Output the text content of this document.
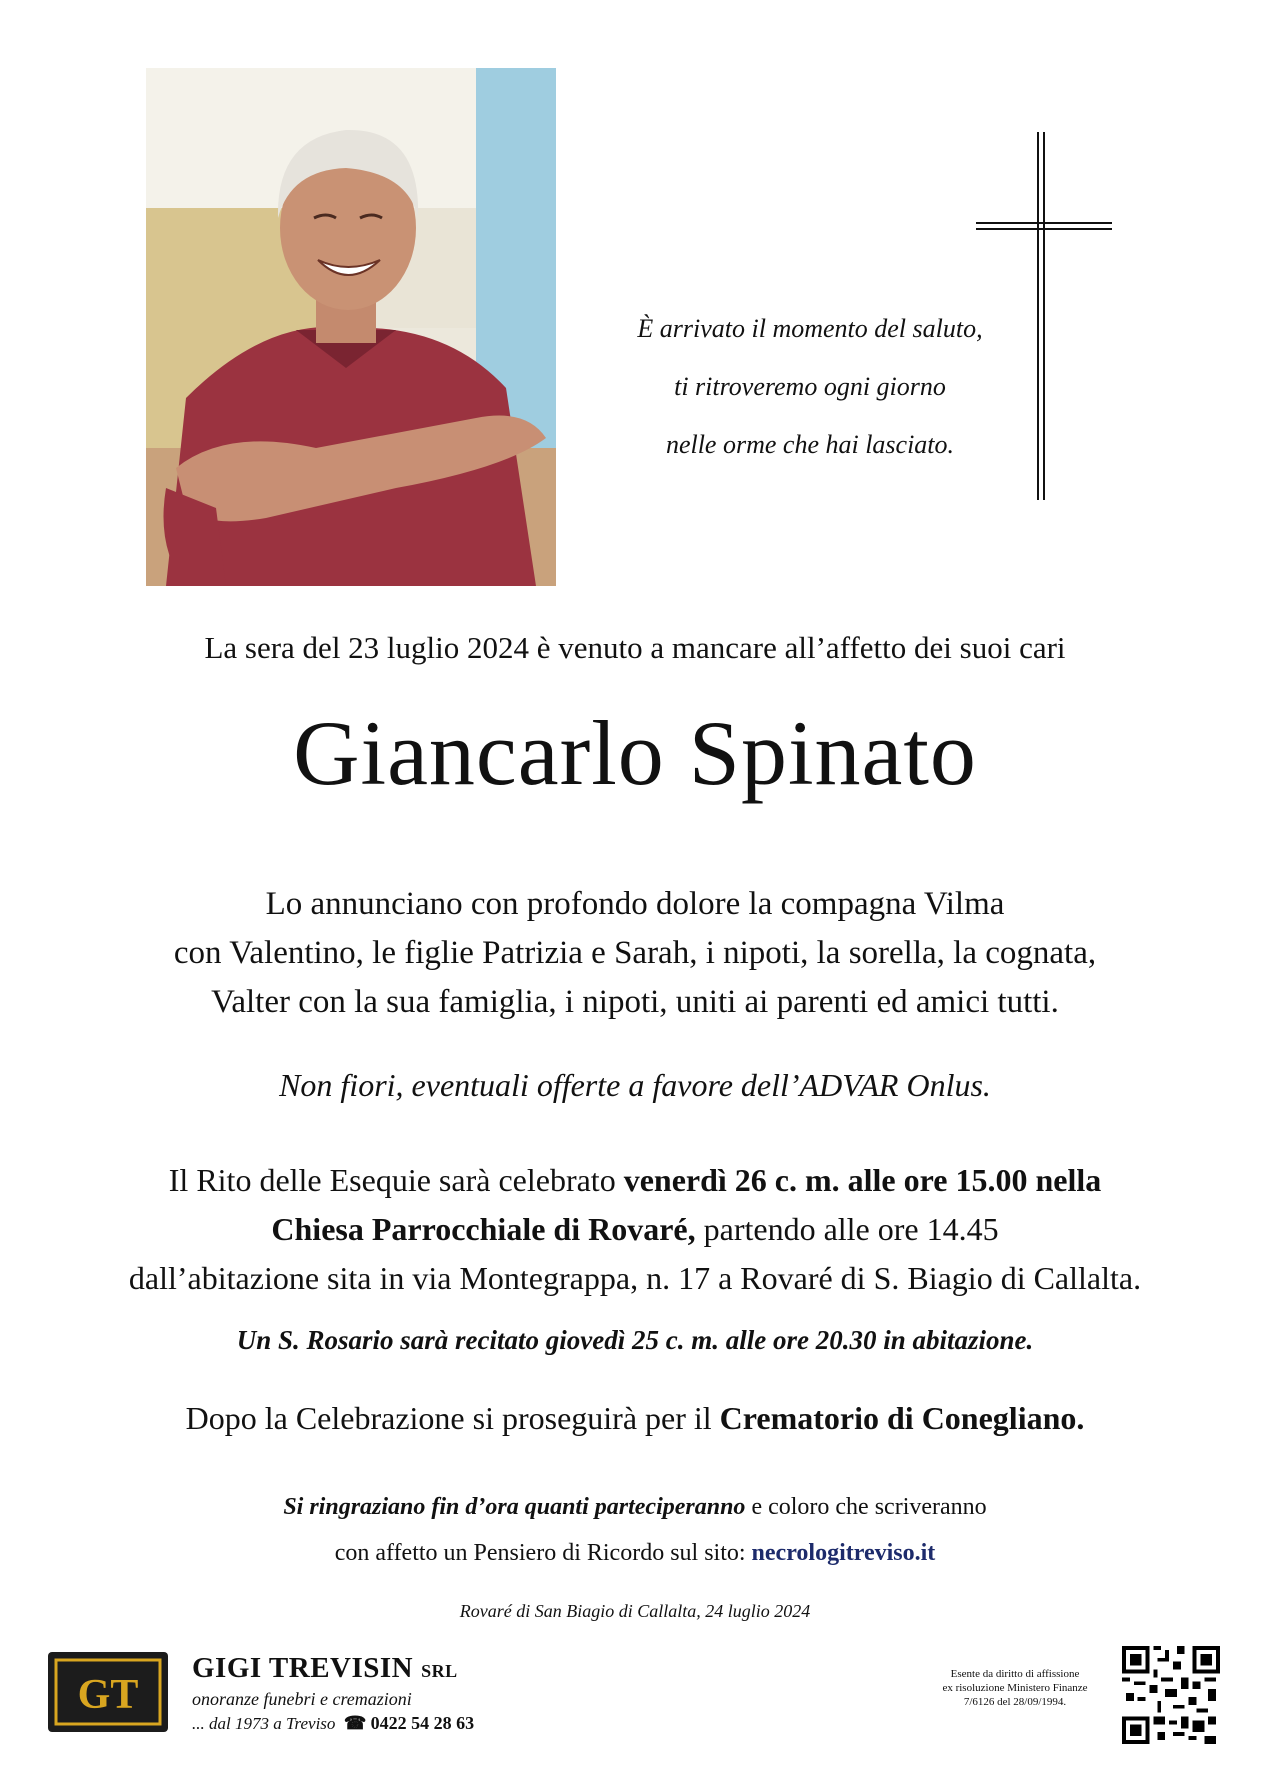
È arrivato il momento del saluto,
ti ritroveremo ogni giorno
nelle orme che hai lasciato.
La sera del 23 luglio 2024 è venuto a mancare all’affetto dei suoi cari
Giancarlo Spinato
Lo annunciano con profondo dolore la compagna Vilma
con Valentino, le figlie Patrizia e Sarah, i nipoti, la sorella, la cognata,
Valter con la sua famiglia, i nipoti, uniti ai parenti ed amici tutti.
Non fiori, eventuali offerte a favore dell’ADVAR Onlus.
Il Rito delle Esequie sarà celebrato venerdì 26 c. m. alle ore 15.00 nella
Chiesa Parrocchiale di Rovaré, partendo alle ore 14.45
dall’abitazione sita in via Montegrappa, n. 17 a Rovaré di S. Biagio di Callalta.
Un S. Rosario sarà recitato giovedì 25 c. m. alle ore 20.30 in abitazione.
Dopo la Celebrazione si proseguirà per il Crematorio di Conegliano.
Si ringraziano fin d’ora quanti parteciperanno e coloro che scriveranno
con affetto un Pensiero di Ricordo sul sito: necrologitreviso.it
Rovaré di San Biagio di Callalta, 24 luglio 2024
GT
GIGI TREVISIN SRL
onoranze funebri e cremazioni
... dal 1973 a Treviso ☎ 0422 54 28 63
Esente da diritto di affissione
ex risoluzione Ministero Finanze
7/6126 del 28/09/1994.
